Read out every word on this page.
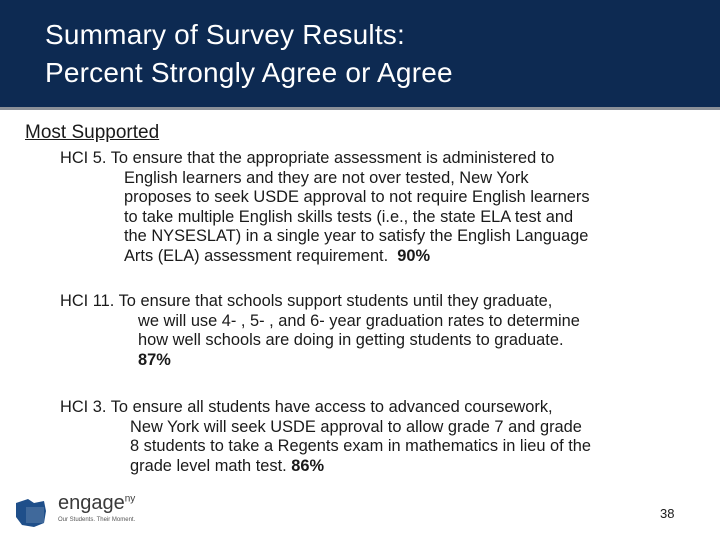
Summary of Survey Results:
Percent Strongly Agree or Agree
Most Supported
HCI 5. To ensure that the appropriate assessment is administered to
English learners and they are not over tested, New York
proposes to seek USDE approval to not require English learners
to take multiple English skills tests (i.e., the state ELA test and
the NYSESLAT) in a single year to satisfy the English Language
Arts (ELA) assessment requirement. 90%
HCI 11. To ensure that schools support students until they graduate,
we will use 4- , 5- , and 6- year graduation rates to determine
how well schools are doing in getting students to graduate.
87%
HCI 3. To ensure all students have access to advanced coursework,
New York will seek USDE approval to allow grade 7 and grade
8 students to take a Regents exam in mathematics in lieu of the
grade level math test. 86%
engage$^{ny}$
Our Students. Their Moment.	38
